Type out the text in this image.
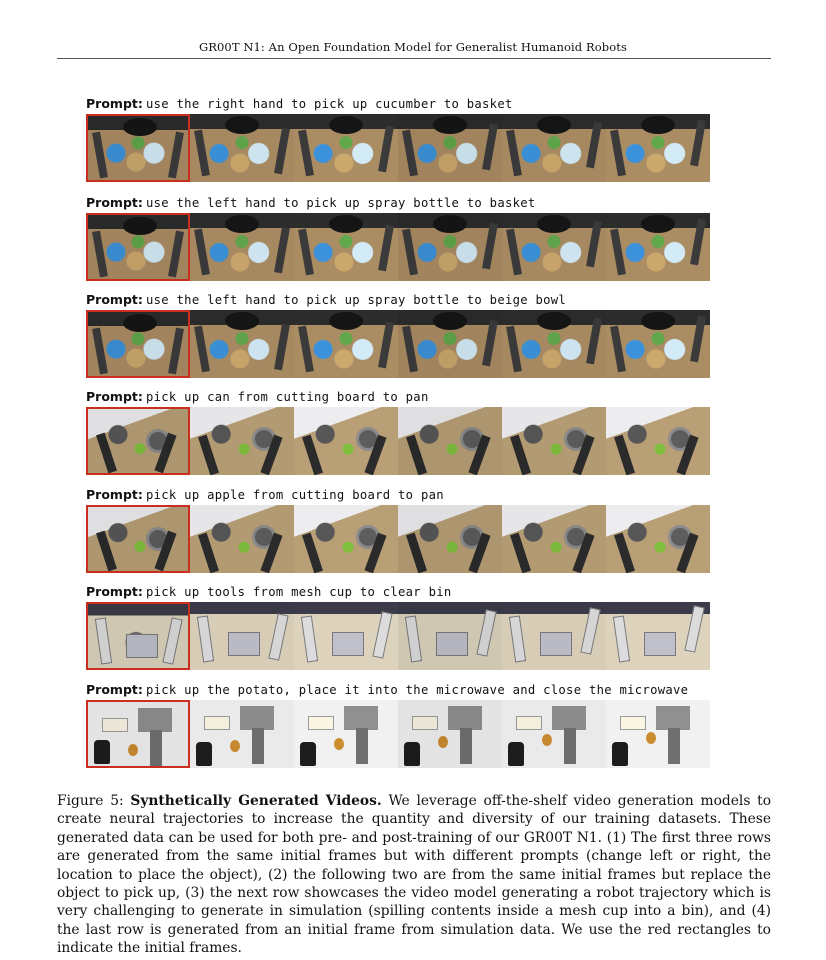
GR00T N1: An Open Foundation Model for Generalist Humanoid Robots
Prompt: use the right hand to pick up cucumber to basket
Prompt: use the left hand to pick up spray bottle to basket
Prompt: use the left hand to pick up spray bottle to beige bowl
Prompt: pick up can from cutting board to pan
Prompt: pick up apple from cutting board to pan
Prompt: pick up tools from mesh cup to clear bin
Prompt: pick up the potato, place it into the microwave and close the microwave
Figure 5: Synthetically Generated Videos. We leverage off-the-shelf video generation models to create neural trajectories to increase the quantity and diversity of our training datasets. These generated data can be used for both pre- and post-training of our GR00T N1. (1) The first three rows are generated from the same initial frames but with different prompts (change left or right, the location to place the object), (2) the following two are from the same initial frames but replace the object to pick up, (3) the next row showcases the video model generating a robot trajectory which is very challenging to generate in simulation (spilling contents inside a mesh cup into a bin), and (4) the last row is generated from an initial frame from simulation data. We use the red rectangles to indicate the initial frames.
